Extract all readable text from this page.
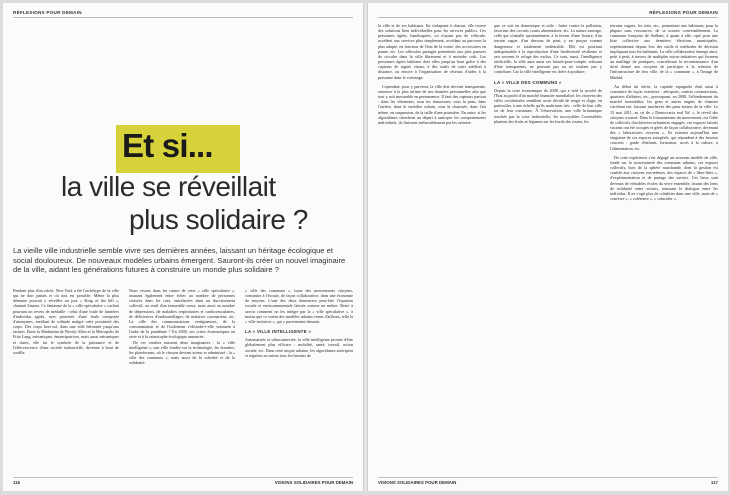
RÉFLEXIONS POUR DEMAIN
Et si...
la ville se réveillait
plus solidaire ?
La vieille ville industrielle semble vivre ses dernières années, laissant un héritage écologique et social douloureux. De nouveaux modèles urbains émergent. Sauront-ils créer un nouvel imaginaire de la ville, aidant les générations futures à construire un monde plus solidaire ?

Pendant plus d'un siècle, New York a été l'archétype de la ville qui ne dort jamais et où tout est possible. Même la plus démunie pouvait y réveiller un jour « King of the hill », chantait Sinatra. Ce fantasme de la « ville spéculative » cachait pourtant un revers de médaille : celui d'une foule de lumières d'individus agités, avec pauvreté, d'une foule composée d'anonymes, enrôlant de solitude malgré cette proximité des corps. Des corps hors-sol, dans une ville bétonnée jusqu'aux racines. Entre la Manhattan de Woody Allen et la Metropolis de Fritz Lang, mécaniques, émancipatrices, mais aussi mécaniques et dures, elle fut le symbole de la puissance et de l'effervescence d'une société industrielle, devenue à bout de souffle.

Nous vivons dans les ruines de cette « ville spéculative », assurant également entre échec au nombre de personnes croisées dans les rues, entrelacées dans un durcissement collectif, au seuil d'un immeuble creux, mais aussi au nombre de dépressions, de maladies respiratoires et cardiovasculaires, de déficiences d'embouteillages, de malaises coronariens, etc. La ville des communications vertigineuses, de la consommation et de l'isolement s'effondre-t-elle vraiment à l'aube de la pandémie ? En 2000, ses crises économiques en série et à la catastrophe écologique annoncée.

De ces cendres naissent deux imaginaires : la « ville intelligente », une ville fondée sur la technologie, les données, les plateformes, où le citoyen devient acteur et administré ; la « ville des communs », mais aussi de la sobriété et de la solidarité.

« ville des communs », issue des mouvements citoyens, construite à l'écoute, de façon collaborative, dans une économie de moyens. L'une des deux demeurera peut-être l'équation sociale et environnementale laissée comme un métier. Reste à savoir comment on les intègre par la « ville spéculative », à moins que ce soient des modèles urbains venus d'ailleurs, telle la « ville inclusive », qui y parviennent demain.

LA « VILLE INTELLIGENTE »

Automatisée et ultraconnectée, la ville intelligente promet d'être globalement plus efficace : mobilité, santé, travail, action sociale, etc. Dans cette utopie urbaine, les algorithmes anticipent et régulent au mieux tous les besoins de

116	VISIONS SOLIDAIRES POUR DEMAIN
RÉFLEXIONS POUR DEMAIN

la ville et de ses habitants. En s'adaptant à chacun, elle trouve des solutions bien individuelles pour les services publics. Ces personnes âgées, handicapées, ou n'ayant pas de véhicule, accèdent aux services plus simplement, accédant au parcours la plus adapté, en fonction de l'état de la voirie, des accessoires en panne, etc. Les véhicules partagés permettent aux plus pauvres de circuler dans la ville librement et à moindre coût. Les personnes âgées habitant chez elles jusqu'au bout grâce à des capteurs de signes vitaux, à des outils de suivi médical à distance, ou encore à l'organisation de réseaux d'aides à la personne dans le voisinage.

Cependant, pour y parvenir, la ville doit devenir transparente, renoncer à la plus infime de nos données personnelles afin que tout y soit mesurable en permanence. Il faut des capteurs partout : dans les vêtements, sous les chaussures, sous la peau, dans l'arrière, dans le mobilier urbain, sous la chaussée, dans l'air même, en suspension, de la taille d'une poussière. En outre, si les algorithmes cherchent au départ à anticiper les comportements individuels, ils finissent inéluctablement par les orienter.

que ce soit en domestique et utile : lutter contre la pollution, favoriser des circuits courts alimentaires, etc. La nature sauvage, celle qui s'installe spontanément, à la faveur d'une fissure, d'un terrain vague, d'un dessous de pont, y est perçue comme dangereuse et totalement indésirable. Elle est pourtant indispensable à la reproduction d'une biodiversité résiliente et sert souvent le refuge des exclus. Ce sont, aussi, l'intelligence artificielle, la ville aura aussi ses laissés-pour-compte, refusant d'être transparents, ne pouvant pas ou ne voulant pas y contribuer. Car la ville intelligente est chère à produire.

LA « VILLE DES COMMUNS »

Depuis la crise économique de 2008, qui a vidé la société de l'Etat au profit d'un marché financier mondialisé, les citoyens des villes occidentales semblent avoir décidé de réagir et d'agir, en particulier, à une échelle qu'ils maîtrisent très : celle de leur ville ou de leur commune. À l'observation, une ville britannique touchée par la crise industrielle, les incroyables Comestibles plantent des fruits et légumes sur les bords des routes, les

terrains vagues, les toits, etc., permettant aux habitants, pour la plupart sans ressources, de se nourrir convenablement. La commune française de Saillans, à quant à elle, opté pour une liste collective aux dernières élections municipales, expérimentant depuis lors des outils et méthodes de décision impliquant tous les habitants. La ville collaborative émerge ainsi, petit à petit, à travers de multiples micro-initiatives qui forment un maillage de pratiques, concrétisant la reconnaissance d'un droit donné aux citoyens de participer à la création de l'infrastructure de leur ville, de la « commune », à l'image de Madrid.

Au début du siècle, la capitale espagnole était aussi à construire de façon extensive : aéroports, centres commerciaux, quartiers d'affaires, etc., provoquant, en 2008, l'effondrement du marché immobilier, les gens et autres engins de chantier s'arrêtant net, laissant inachevés des pans entiers de la ville. Le 15 mai 2011, au cri de « Democracia real Ya! », le réveil des citoyens a sonné. Dans le foisonnement du mouvement, est l'idée de collectifs d'architectes-urbanistes engagés, ces espaces laissés vacants ont été occupés et gérés de façon collaborative, devenant des « laboratoires citoyens ». Ils existent aujourd'hui une vingtaine de ces espaces autogérés, qui répondent à des besoins concrets : garde d'enfants, formation, accès à la culture, à l'alimentation, etc.

De cette expérience s'est dégagé un nouveau modèle de ville, fondé sur la souveraineté des communs urbains, ces espaces collectifs, hors de la sphère marchande, dont la gestion est confiée aux citoyens eux-mêmes, des espaces de « libre-fûtes », d'expérimentation et de partage des savoirs. Ces lieux sont devenus de véritables écoles du vivre ensemble, tissant des liens de solidarité entre voisins, renouant le dialogue entre les individus. Il ne s'agit plus de cohabiter dans une ville, mais de « convivre », « coférence », « coïncider ».

VISIONS SOLIDAIRES POUR DEMAIN	117
